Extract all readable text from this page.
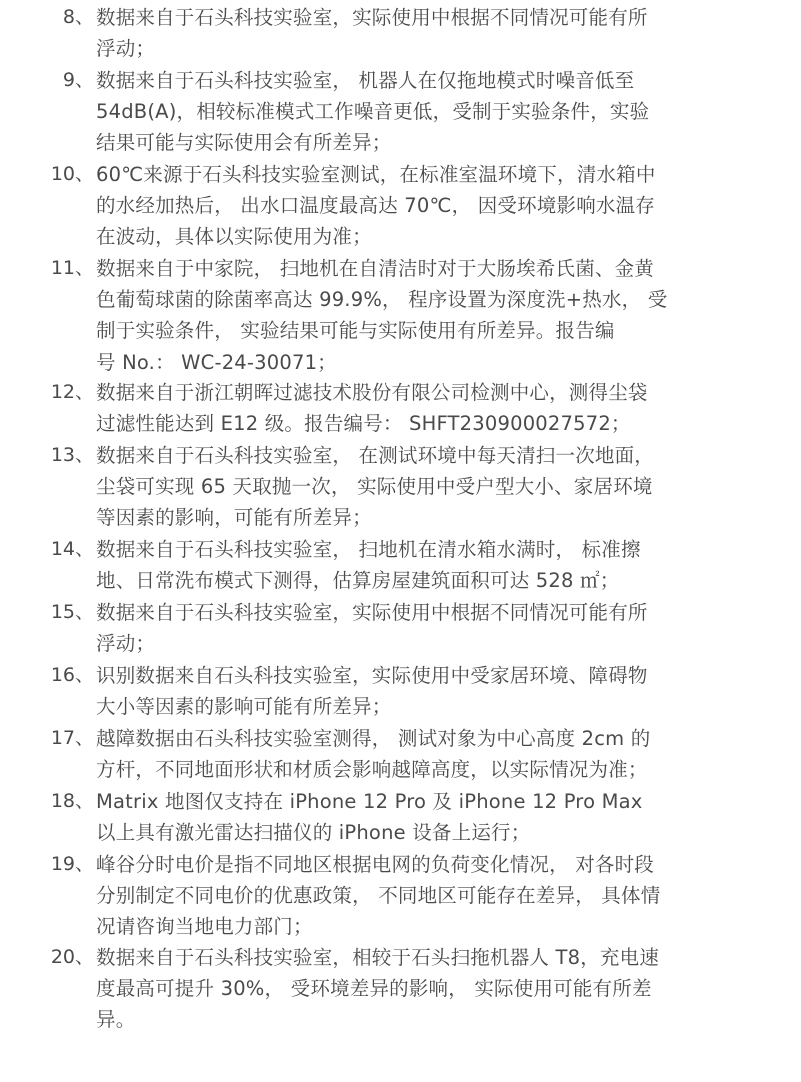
8、 数据来自于石头科技实验室，实际使用中根据不同情况可能有所
浮动；
9、 数据来自于石头科技实验室， 机器人在仅拖地模式时噪音低至
54dB(A)，相较标准模式工作噪音更低，受制于实验条件，实验
结果可能与实际使用会有所差异；
10、 60℃来源于石头科技实验室测试，在标准室温环境下，清水箱中
的水经加热后， 出水口温度最高达 70℃， 因受环境影响水温存
在波动，具体以实际使用为准；
11、 数据来自于中家院， 扫地机在自清洁时对于大肠埃希氏菌、金黄
色葡萄球菌的除菌率高达 99.9%， 程序设置为深度洗+热水， 受
制于实验条件， 实验结果可能与实际使用有所差异。报告编
号 No.： WC-24-30071；
12、 数据来自于浙江朝晖过滤技术股份有限公司检测中心，测得尘袋
过滤性能达到 E12 级。报告编号： SHFT230900027572；
13、 数据来自于石头科技实验室， 在测试环境中每天清扫一次地面，
尘袋可实现 65 天取抛一次， 实际使用中受户型大小、家居环境
等因素的影响，可能有所差异；
14、 数据来自于石头科技实验室， 扫地机在清水箱水满时， 标准擦
地、日常洗布模式下测得，估算房屋建筑面积可达 528 ㎡；
15、 数据来自于石头科技实验室，实际使用中根据不同情况可能有所
浮动；
16、 识别数据来自石头科技实验室，实际使用中受家居环境、障碍物
大小等因素的影响可能有所差异；
17、 越障数据由石头科技实验室测得， 测试对象为中心高度 2cm 的
方杆，不同地面形状和材质会影响越障高度，以实际情况为准；
18、 Matrix 地图仅支持在 iPhone 12 Pro 及 iPhone 12 Pro Max
以上具有激光雷达扫描仪的 iPhone 设备上运行；
19、 峰谷分时电价是指不同地区根据电网的负荷变化情况， 对各时段
分别制定不同电价的优惠政策， 不同地区可能存在差异， 具体情
况请咨询当地电力部门；
20、 数据来自于石头科技实验室，相较于石头扫拖机器人 T8，充电速
度最高可提升 30%， 受环境差异的影响， 实际使用可能有所差
异。
